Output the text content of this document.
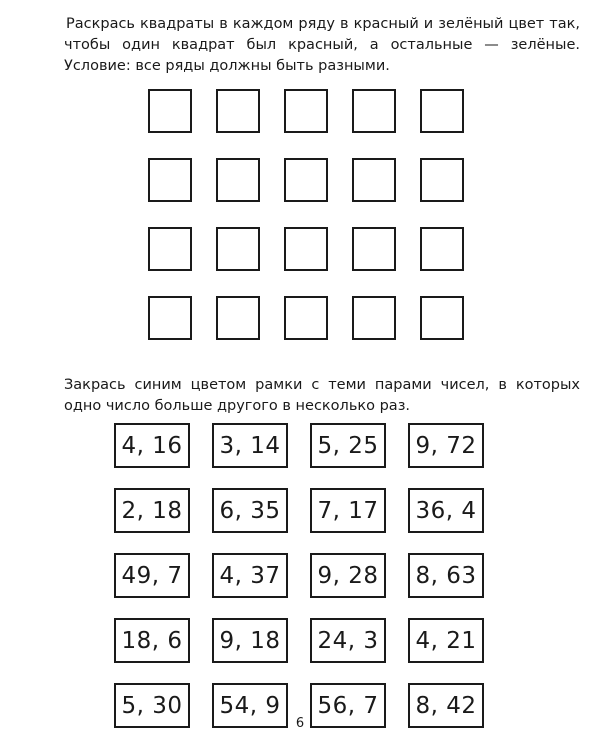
Раскрась квадраты в каждом ряду в красный и зелёный цвет так, чтобы один квадрат был красный, а остальные — зелёные. Условие: все ряды должны быть разными.
Закрась синим цветом рамки с теми парами чисел, в которых одно число больше другого в несколько раз.
4, 16	3, 14	5, 25	9, 72
2, 18	6, 35	7, 17	36, 4
49, 7	4, 37	9, 28	8, 63
18, 6	9, 18	24, 3	4, 21
5, 30	54, 9	56, 7	8, 42
6
